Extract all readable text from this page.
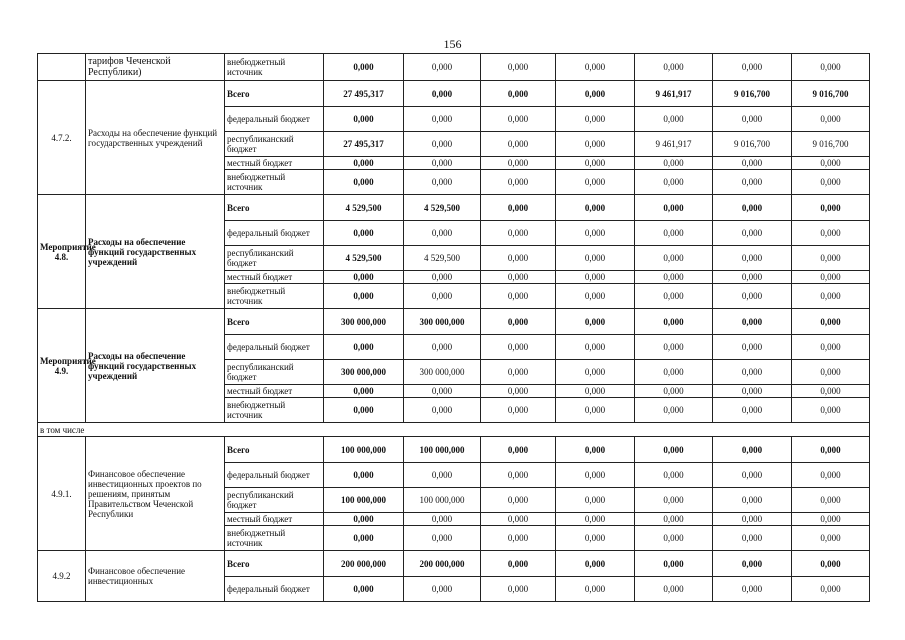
156
	тарифов Чеченской Республики)	внебюджетный источник	0,000	0,000	0,000	0,000	0,000	0,000	0,000
4.7.2.	Расходы на обеспечение функций государственных учреждений	Всего	27 495,317	0,000	0,000	0,000	9 461,917	9 016,700	9 016,700
		федеральный бюджет	0,000	0,000	0,000	0,000	0,000	0,000	0,000
		республиканский бюджет	27 495,317	0,000	0,000	0,000	9 461,917	9 016,700	9 016,700
		местный бюджет	0,000	0,000	0,000	0,000	0,000	0,000	0,000
		внебюджетный источник	0,000	0,000	0,000	0,000	0,000	0,000	0,000
Мероприятие 4.8.	Расходы на обеспечение функций государственных учреждений	Всего	4 529,500	4 529,500	0,000	0,000	0,000	0,000	0,000
		федеральный бюджет	0,000	0,000	0,000	0,000	0,000	0,000	0,000
		республиканский бюджет	4 529,500	4 529,500	0,000	0,000	0,000	0,000	0,000
		местный бюджет	0,000	0,000	0,000	0,000	0,000	0,000	0,000
		внебюджетный источник	0,000	0,000	0,000	0,000	0,000	0,000	0,000
Мероприятие 4.9.	Расходы на обеспечение функций государственных учреждений	Всего	300 000,000	300 000,000	0,000	0,000	0,000	0,000	0,000
		федеральный бюджет	0,000	0,000	0,000	0,000	0,000	0,000	0,000
		республиканский бюджет	300 000,000	300 000,000	0,000	0,000	0,000	0,000	0,000
		местный бюджет	0,000	0,000	0,000	0,000	0,000	0,000	0,000
		внебюджетный источник	0,000	0,000	0,000	0,000	0,000	0,000	0,000
в том числе									
4.9.1.	Финансовое обеспечение инвестиционных проектов по решениям, принятым Правительством Чеченской Республики	Всего	100 000,000	100 000,000	0,000	0,000	0,000	0,000	0,000
		федеральный бюджет	0,000	0,000	0,000	0,000	0,000	0,000	0,000
		республиканский бюджет	100 000,000	100 000,000	0,000	0,000	0,000	0,000	0,000
		местный бюджет	0,000	0,000	0,000	0,000	0,000	0,000	0,000
		внебюджетный источник	0,000	0,000	0,000	0,000	0,000	0,000	0,000
4.9.2	Финансовое обеспечение инвестиционных	Всего	200 000,000	200 000,000	0,000	0,000	0,000	0,000	0,000
		федеральный бюджет	0,000	0,000	0,000	0,000	0,000	0,000	0,000
